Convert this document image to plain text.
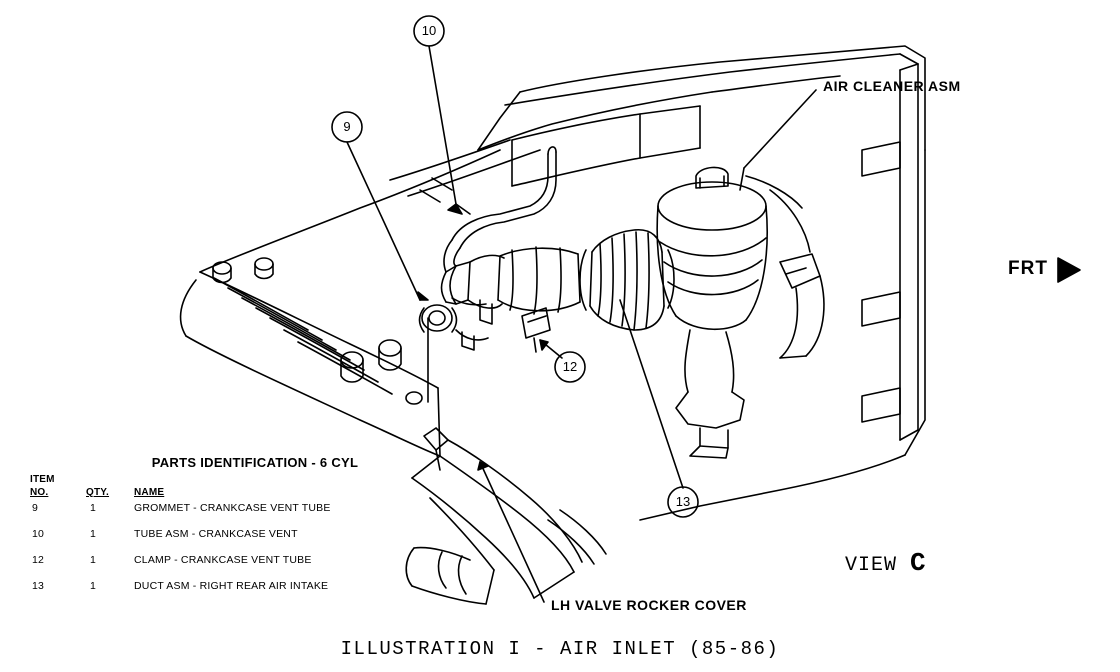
10
9
12
13
AIR CLEANER ASM
LH VALVE ROCKER COVER
FRT
VIEW C
PARTS IDENTIFICATION - 6 CYL
ITEM
NO.	QTY. NAME
9	1	GROMMET - CRANKCASE VENT TUBE
10	1	TUBE ASM - CRANKCASE VENT
12	1	CLAMP - CRANKCASE VENT TUBE
13	1	DUCT ASM - RIGHT REAR AIR INTAKE
ILLUSTRATION I - AIR INLET (85-86)
